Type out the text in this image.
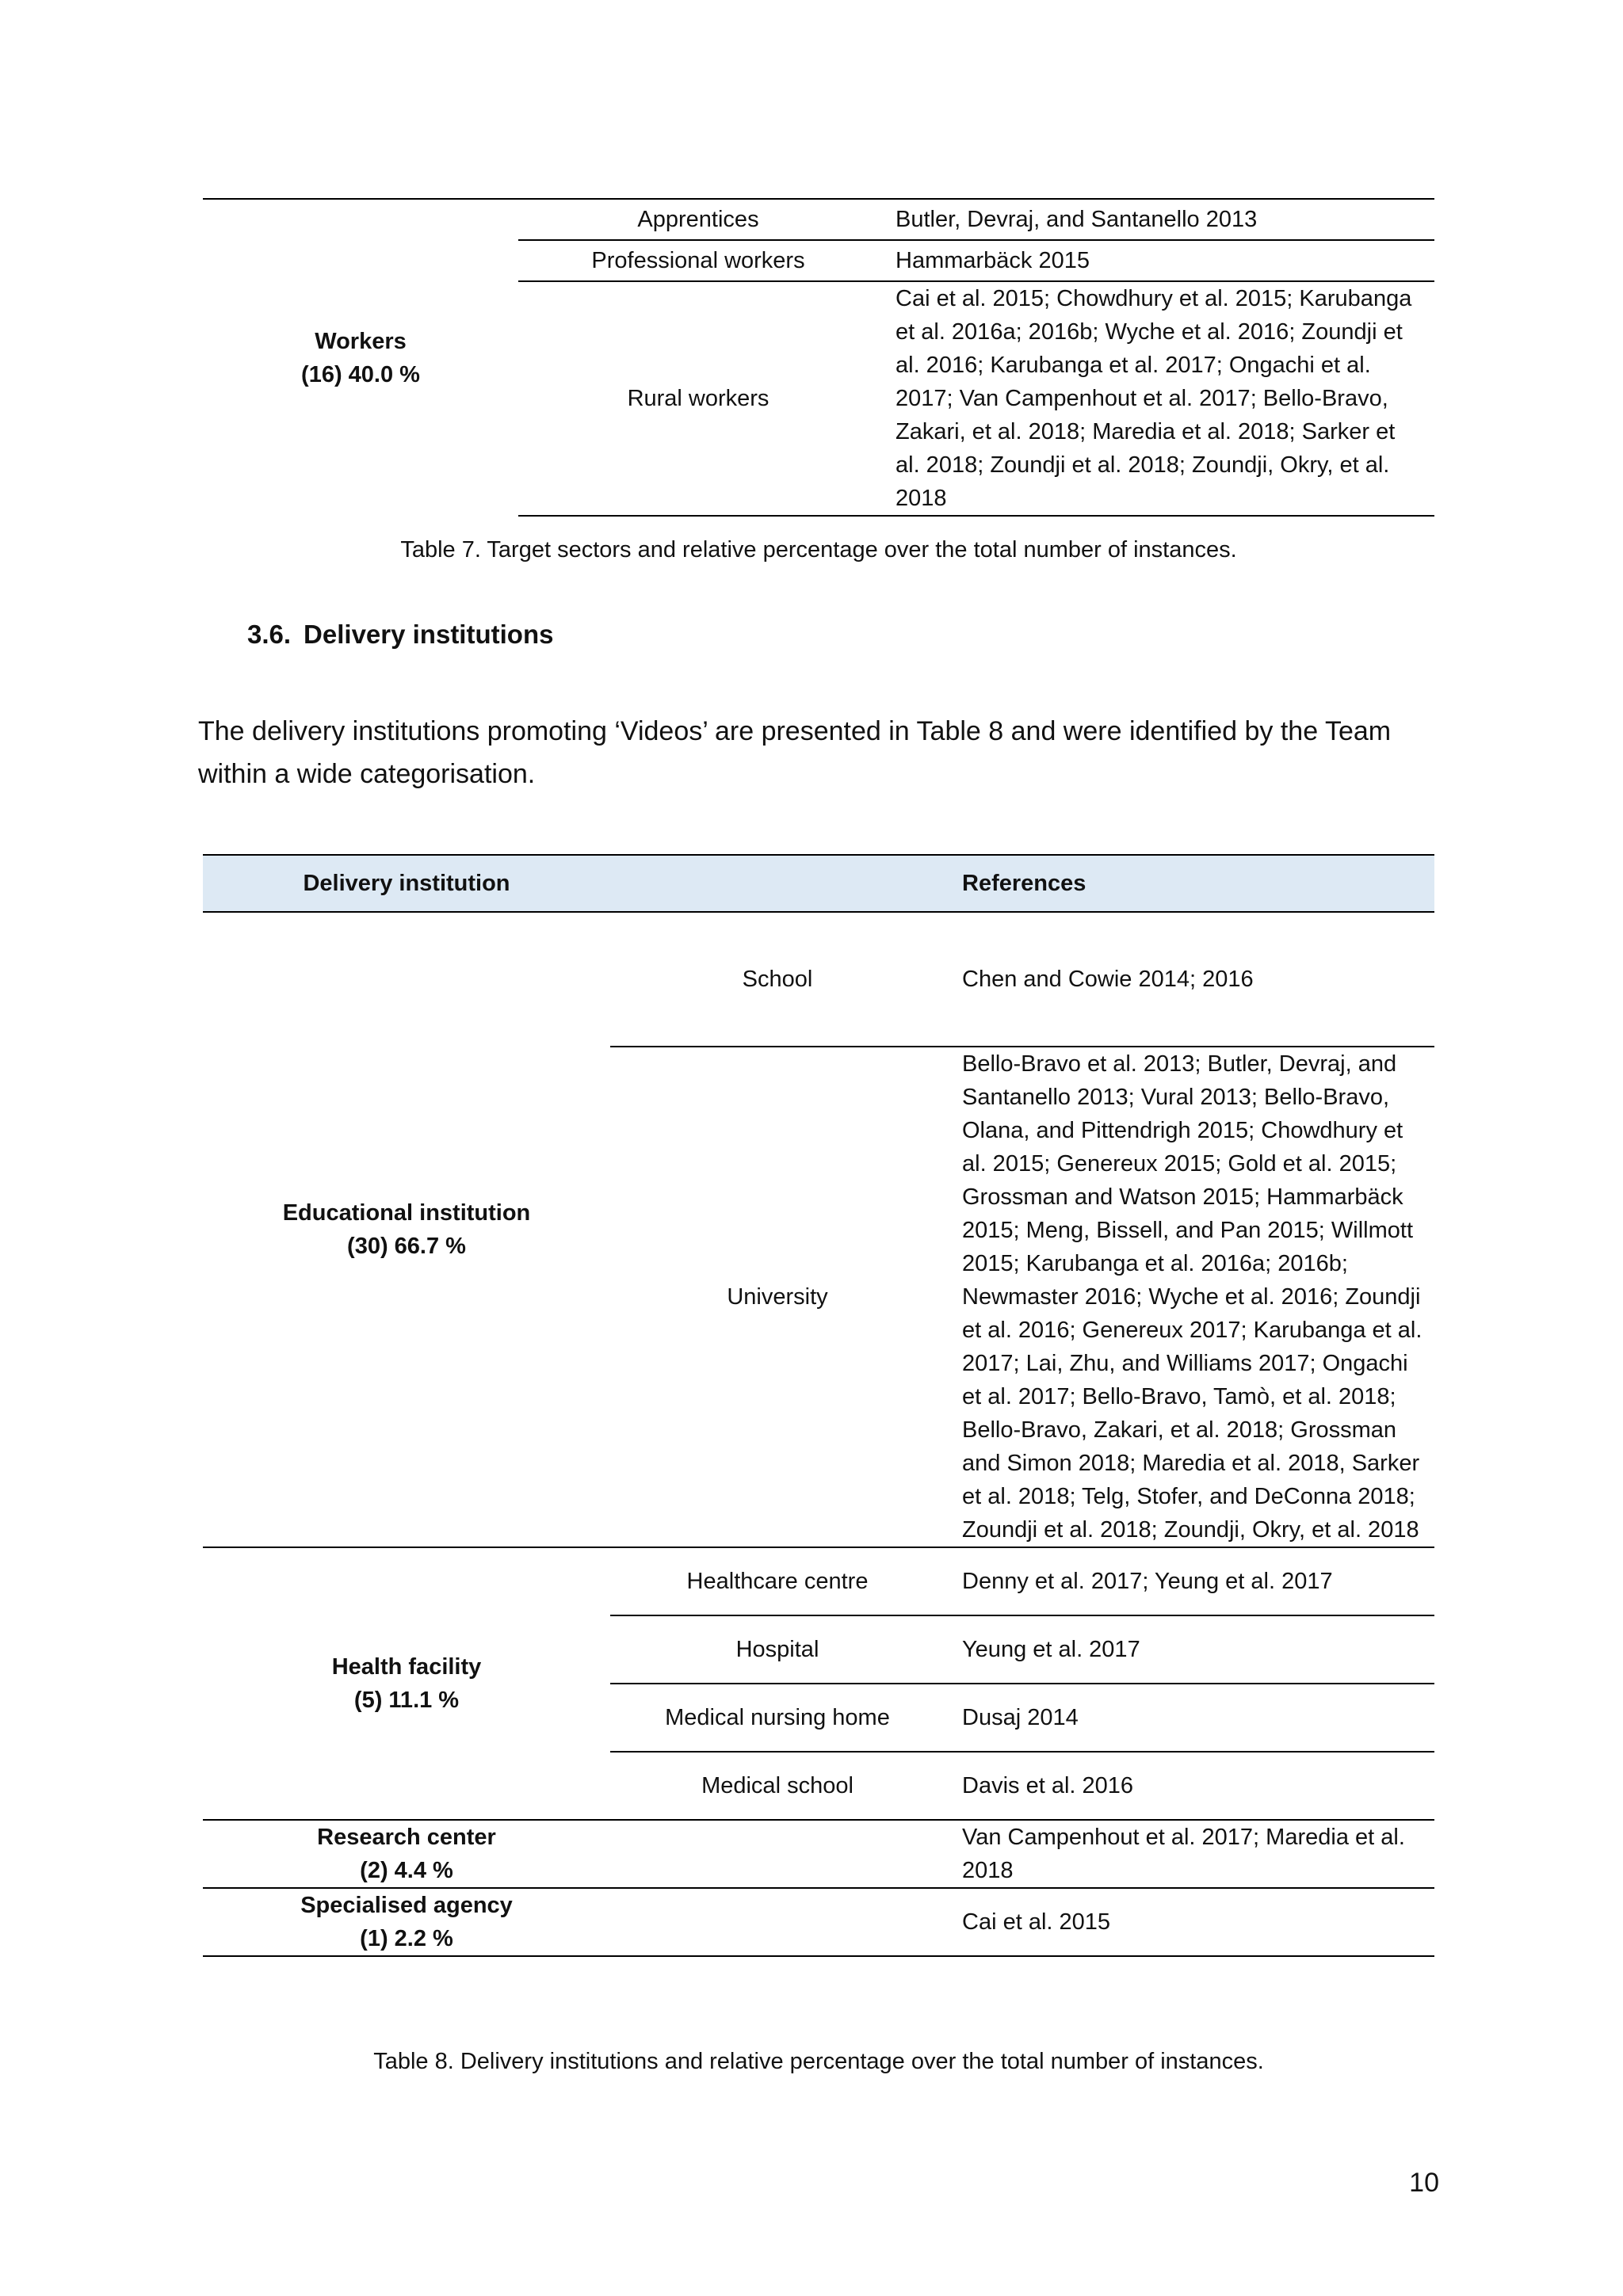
Workers
(16) 40.0 %	Apprentices	Butler, Devraj, and Santanello 2013
	Professional workers	Hammarbäck 2015
	Rural workers	Cai et al. 2015; Chowdhury et al. 2015; Karubanga et al. 2016a; 2016b; Wyche et al. 2016; Zoundji et al. 2016; Karubanga et al. 2017; Ongachi et al. 2017; Van Campenhout et al. 2017; Bello-Bravo, Zakari, et al. 2018; Maredia et al. 2018; Sarker et al. 2018; Zoundji et al. 2018; Zoundji, Okry, et al. 2018
Table 7. Target sectors and relative percentage over the total number of instances.
3.6. Delivery institutions
The delivery institutions promoting ‘Videos’ are presented in Table 8 and were identified by the Team within a wide categorisation.
Delivery institution		References

Educational institution
(30) 66.7 %	School	Chen and Cowie 2014; 2016
	University	Bello-Bravo et al. 2013; Butler, Devraj, and Santanello 2013; Vural 2013; Bello-Bravo, Olana, and Pittendrigh 2015; Chowdhury et al. 2015; Genereux 2015; Gold et al. 2015; Grossman and Watson 2015; Hammarbäck 2015; Meng, Bissell, and Pan 2015; Willmott 2015; Karubanga et al. 2016a; 2016b; Newmaster 2016; Wyche et al. 2016; Zoundji et al. 2016; Genereux 2017; Karubanga et al. 2017; Lai, Zhu, and Williams 2017; Ongachi et al. 2017; Bello-Bravo, Tamò, et al. 2018; Bello-Bravo, Zakari, et al. 2018; Grossman and Simon 2018; Maredia et al. 2018, Sarker et al. 2018; Telg, Stofer, and DeConna 2018; Zoundji et al. 2018; Zoundji, Okry, et al. 2018

Health facility
(5) 11.1 %	Healthcare centre	Denny et al. 2017; Yeung et al. 2017
	Hospital	Yeung et al. 2017
	Medical nursing home	Dusaj 2014
	Medical school	Davis et al. 2016

Research center
(2) 4.4 %		Van Campenhout et al. 2017; Maredia et al. 2018

Specialised agency
(1) 2.2 %		Cai et al. 2015
Table 8. Delivery institutions and relative percentage over the total number of instances.
10
